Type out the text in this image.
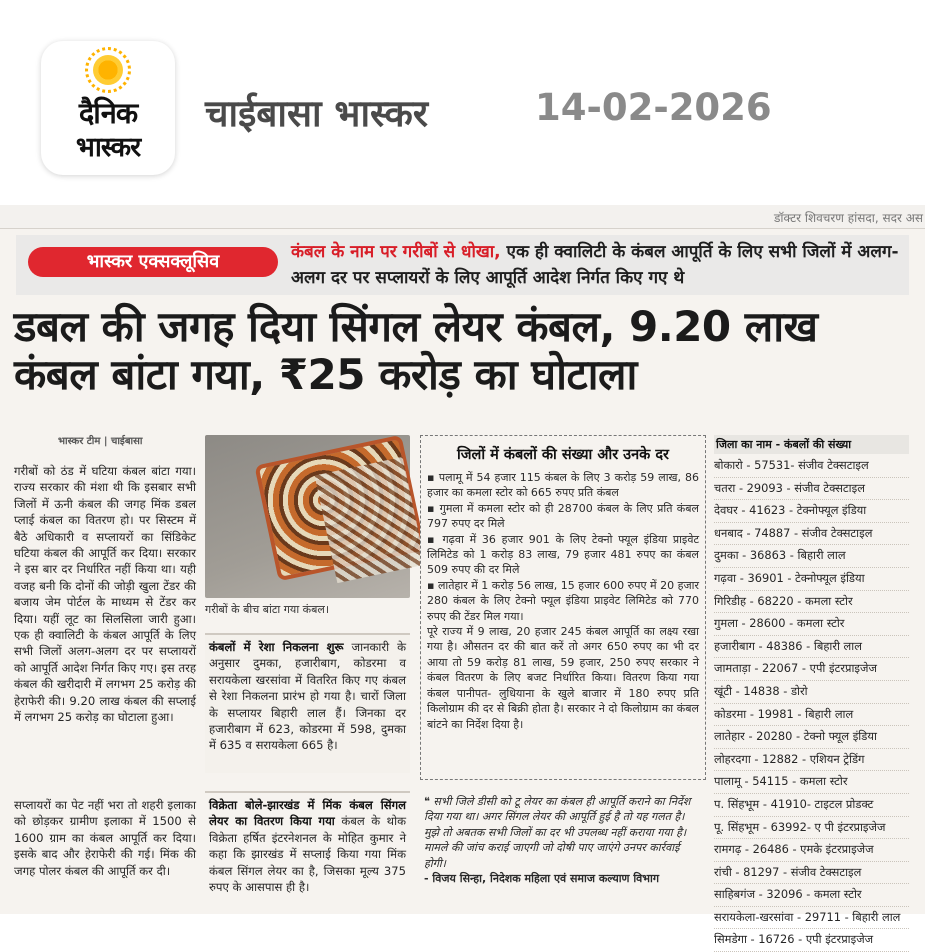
दैनिक
भास्कर
चाईबासा भास्कर	14-02-2026
डॉक्टर शिवचरण हांसदा, सदर अस
भास्कर एक्सक्लूसिव	कंबल के नाम पर गरीबों से धोखा, एक ही क्वालिटी के कंबल आपूर्ति के लिए सभी जिलों में अलग-अलग दर पर सप्लायरों के लिए आपूर्ति आदेश निर्गत किए गए थे
डबल की जगह दिया सिंगल लेयर कंबल, 9.20 लाख कंबल बांटा गया, ₹25 करोड़ का घोटाला
भास्कर टीम | चाईबासा
गरीबों को ठंड में घटिया कंबल बांटा गया। राज्य सरकार की मंशा थी कि इसबार सभी जिलों में ऊनी कंबल की जगह मिंक डबल प्लाई कंबल का वितरण हो। पर सिस्टम में बैठे अधिकारी व सप्लायरों का सिंडिकेट घटिया कंबल की आपूर्ति कर दिया। सरकार ने इस बार दर निर्धारित नहीं किया था। यही वजह बनी कि दोनों की जोड़ी खुला टेंडर की बजाय जेम पोर्टल के माध्यम से टेंडर कर दिया। यहीं लूट का सिलसिला जारी हुआ। एक ही क्वालिटी के कंबल आपूर्ति के लिए सभी जिलों अलग-अलग दर पर सप्लायरों को आपूर्ति आदेश निर्गत किए गए। इस तरह कंबल की खरीदारी में लगभग 25 करोड़ की हेराफेरी की। 9.20 लाख कंबल की सप्लाई में लगभग 25 करोड़ का घोटाला हुआ।
सप्लायरों का पेट नहीं भरा तो शहरी इलाका को छोड़कर ग्रामीण इलाका में 1500 से 1600 ग्राम का कंबल आपूर्ति कर दिया। इसके बाद और हेराफेरी की गई। मिंक की जगह पोलर कंबल की आपूर्ति कर दी।
गरीबों के बीच बांटा गया कंबल।
कंबलों में रेशा निकलना शुरू जानकारी के अनुसार दुमका, हजारीबाग, कोडरमा व सरायकेला खरसांवा में वितरित किए गए कंबल से रेशा निकलना प्रारंभ हो गया है। चारों जिला के सप्लायर बिहारी लाल हैं। जिनका दर हजारीबाग में 623, कोडरमा में 598, दुमका में 635 व सरायकेला 665 है।
विक्रेता बोले-झारखंड में मिंक कंबल सिंगल लेयर का वितरण किया गया कंबल के थोक विक्रेता हर्षित इंटरनेशनल के मोहित कुमार ने कहा कि झारखंड में सप्लाई किया गया मिंक कंबल सिंगल लेयर का है, जिसका मूल्य 375 रुपए के आसपास ही है।
जिलों में कंबलों की संख्या और उनके दर
▪ पलामू में 54 हजार 115 कंबल के लिए 3 करोड़ 59 लाख, 86 हजार का कमला स्टोर को 665 रुपए प्रति कंबल
▪ गुमला में कमला स्टोर को ही 28700 कंबल के लिए प्रति कंबल 797 रुपए दर मिले
▪ गढ़वा में 36 हजार 901 के लिए टेक्नो फ्यूल इंडिया प्राइवेट लिमिटेड को 1 करोड़ 83 लाख, 79 हजार 481 रुपए का कंबल 509 रुपए की दर मिले
▪ लातेहार में 1 करोड़ 56 लाख, 15 हजार 600 रुपए में 20 हजार 280 कंबल के लिए टेक्नो फ्यूल इंडिया प्राइवेट लिमिटेड को 770 रुपए की टेंडर मिल गया।
पूरे राज्य में 9 लाख, 20 हजार 245 कंबल आपूर्ति का लक्ष्य रखा गया है। औसतन दर की बात करें तो अगर 650 रुपए का भी दर आया तो 59 करोड़ 81 लाख, 59 हजार, 250 रुपए सरकार ने कंबल वितरण के लिए बजट निर्धारित किया। वितरण किया गया कंबल पानीपत- लुधियाना के खुले बाजार में 180 रुपए प्रति किलोग्राम की दर से बिक्री होता है। सरकार ने दो किलोग्राम का कंबल बांटने का निर्देश दिया है।
❝ सभी जिले डीसी को टू लेयर का कंबल ही आपूर्ति कराने का निर्देश दिया गया था। अगर सिंगल लेयर की आपूर्ति हुई है तो यह गलत है। मुझे तो अबतक सभी जिलों का दर भी उपलब्ध नहीं कराया गया है। मामले की जांच कराई जाएगी जो दोषी पाए जाएंगे उनपर कार्रवाई होगी।
- विजय सिन्हा, निदेशक महिला एवं समाज कल्याण विभाग
जिला का नाम - कंबलों की संख्या
बोकारो - 57531- संजीव टेक्सटाइल
चतरा - 29093 - संजीव टेक्सटाइल
देवघर - 41623 - टेक्नोफ्यूल इंडिया
धनबाद - 74887 - संजीव टेक्सटाइल
दुमका - 36863 - बिहारी लाल
गढ़वा - 36901 - टेक्नोफ्यूल इंडिया
गिरिडीह - 68220 - कमला स्टोर
गुमला - 28600 - कमला स्टोर
हजारीबाग - 48386 - बिहारी लाल
जामताड़ा - 22067 - एपी इंटरप्राइजेज
खूंटी - 14838 - डोरो
कोडरमा - 19981 - बिहारी लाल
लातेहार - 20280 - टेक्नो फ्यूल इंडिया
लोहरदगा - 12882 - एशियन ट्रेडिंग
पालामू - 54115 - कमला स्टोर
प. सिंहभूम - 41910- टाइटल प्रोडक्ट
पू. सिंहभूम - 63992- ए पी इंटरप्राइजेज
रामगढ़ - 26486 - एमके इंटरप्राइजेज
रांची - 81297 - संजीव टेक्सटाइल
साहिबगंज - 32096 - कमला स्टोर
सरायकेला-खरसांवा - 29711 - बिहारी लाल
सिमडेगा - 16726 - एपी इंटरप्राइजेज
